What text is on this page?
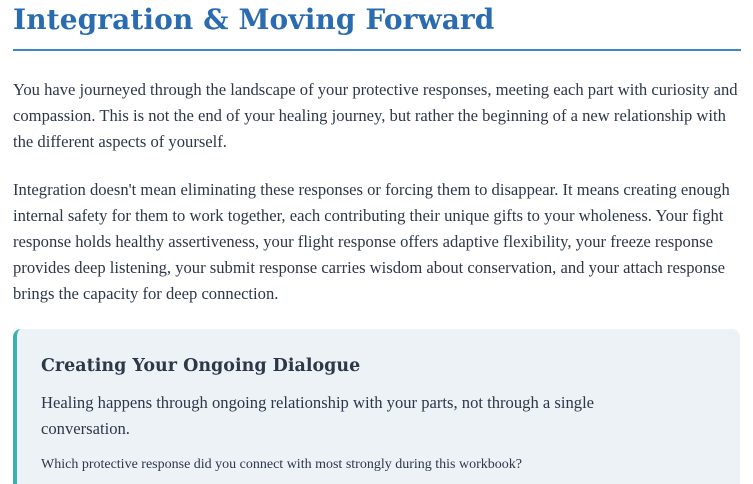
Integration & Moving Forward

You have journeyed through the landscape of your protective responses, meeting each part with curiosity and compassion. This is not the end of your healing journey, but rather the beginning of a new relationship with the different aspects of yourself.

Integration doesn't mean eliminating these responses or forcing them to disappear. It means creating enough internal safety for them to work together, each contributing their unique gifts to your wholeness. Your fight response holds healthy assertiveness, your flight response offers adaptive flexibility, your freeze response provides deep listening, your submit response carries wisdom about conservation, and your attach response brings the capacity for deep connection.

Creating Your Ongoing Dialogue

Healing happens through ongoing relationship with your parts, not through a single conversation.

Which protective response did you connect with most strongly during this workbook?
